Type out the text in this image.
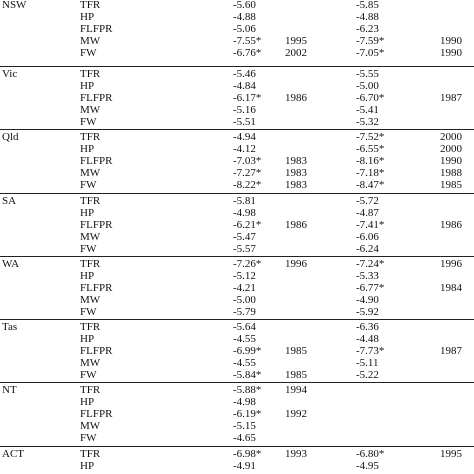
NSW	TFR	-5.60	-5.85
HP	-4.88	-4.88
FLFPR	-5.06	-6.23
MW	-7.55*	1995	-7.59*	1990
FW	-6.76*	2002	-7.05*	1990
Vic	TFR	-5.46	-5.55
HP	-4.84	-5.00
FLFPR	-6.17*	1986	-6.70*	1987
MW	-5.16	-5.41
FW	-5.51	-5.32
Qld	TFR	-4.94	-7.52*	2000
HP	-4.12	-6.55*	2000
FLFPR	-7.03*	1983	-8.16*	1990
MW	-7.27*	1983	-7.18*	1988
FW	-8.22*	1983	-8.47*	1985
SA	TFR	-5.81	-5.72
HP	-4.98	-4.87
FLFPR	-6.21*	1986	-7.41*	1986
MW	-5.47	-6.06
FW	-5.57	-6.24
WA	TFR	-7.26*	1996	-7.24*	1996
HP	-5.12	-5.33
FLFPR	-4.21	-6.77*	1984
MW	-5.00	-4.90
FW	-5.79	-5.92
Tas	TFR	-5.64	-6.36
HP	-4.55	-4.48
FLFPR	-6.99*	1985	-7.73*	1987
MW	-4.55	-5.11
FW	-5.84*	1985	-5.22
NT	TFR	-5.88*	1994
HP	-4.98
FLFPR	-6.19*	1992
MW	-5.15
FW	-4.65
ACT	TFR	-6.98*	1993	-6.80*	1995
HP	-4.91	-4.95
